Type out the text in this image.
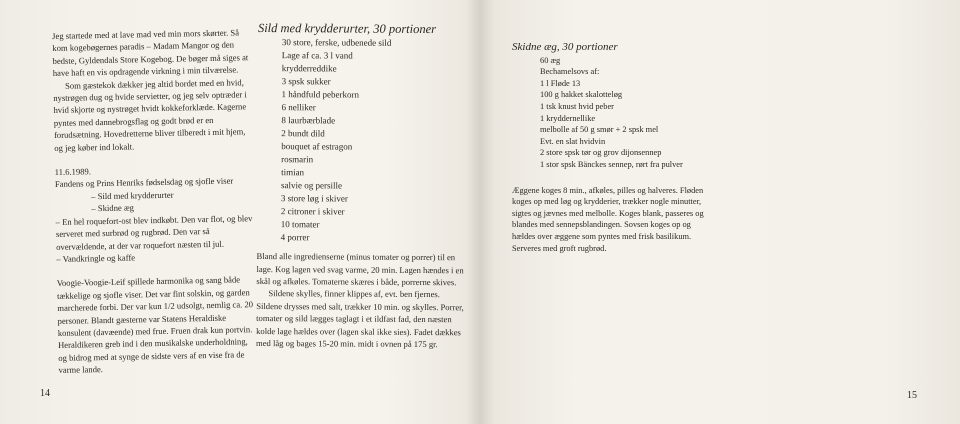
Jeg startede med at lave mad ved min mors skørter. Så kom kogebøgernes paradis – Madam Mangor og den bedste, Gyldendals Store Kogebog. De bøger må siges at have haft en vis opdragende virkning i min tilværelse.

Som gæstekok dækker jeg altid bordet med en hvid, nystrøgen dug og hvide servietter, og jeg selv optræder i hvid skjorte og nystrøget hvidt kokkeforklæde. Kagerne pyntes med dannebrogsflag og godt brød er en forudsætning. Hovedretterne bliver tilberedt i mit hjem, og jeg køber ind lokalt.

11.6.1989.

Fandens og Prins Henriks fødselsdag og sjofle viser

– Sild med krydderurter

– Skidne æg

– En hel roquefort-ost blev indkøbt. Den var flot, og blev serveret med surbrød og rugbrød. Den var så overvældende, at der var roquefort næsten til jul.

– Vandkringle og kaffe

Voogie-Voogie-Leif spillede harmonika og sang både tækkelige og sjofle viser. Det var fint solskin, og garden marcherede forbi. Der var kun 1/2 udsolgt, nemlig ca. 20 personer. Blandt gæsterne var Statens Heraldiske konsulent (davæende) med frue. Fruen drak kun portvin. Heraldikeren greb ind i den musikalske underholdning, og bidrog med at synge de sidste vers af en vise fra de varme lande.

Sild med krydderurter, 30 portioner

30 store, ferske, udbenede sild

Lage af ca. 3 l vand

krydderreddike

3 spsk sukker

1 håndfuld peberkorn

6 nelliker

8 laurbærblade

2 bundt dild

bouquet af estragon

rosmarin

timian

salvie og persille

3 store løg i skiver

2 citroner i skiver

10 tomater

4 porrer

Bland alle ingredienserne (minus tomater og porrer) til en lage. Kog lagen ved svag varme, 20 min. Lagen hændes i en skål og afkøles. Tomaterne skæres i både, porrerne skives.

Sildene skylles, finner klippes af, evt. ben fjernes. Sildene drysses med salt, trækker 10 min. og skylles. Porrer, tomater og sild lægges taglagt i et ildfast fad, den næsten kolde lage hældes over (lagen skal ikke sies). Fadet dækkes med låg og bages 15-20 min. midt i ovnen på 175 gr.

14

Skidne æg, 30 portioner

60 æg

Bechamelsovs af:

1 l Fløde 13

100 g hakket skalotteløg

1 tsk knust hvid peber

1 kryddernellike

melbolle af 50 g smør + 2 spsk mel

Evt. en slat hvidvin

2 store spsk tør og grov dijonsennep

1 stor spsk Bänckes sennep, rørt fra pulver

Æggene koges 8 min., afkøles, pilles og halveres. Fløden koges op med løg og krydderier, trækker nogle minutter, sigtes og jævnes med melbolle. Koges blank, passeres og blandes med sennepsblandingen. Sovsen koges op og hældes over æggene som pyntes med frisk basilikum. Serveres med groft rugbrød.

15
